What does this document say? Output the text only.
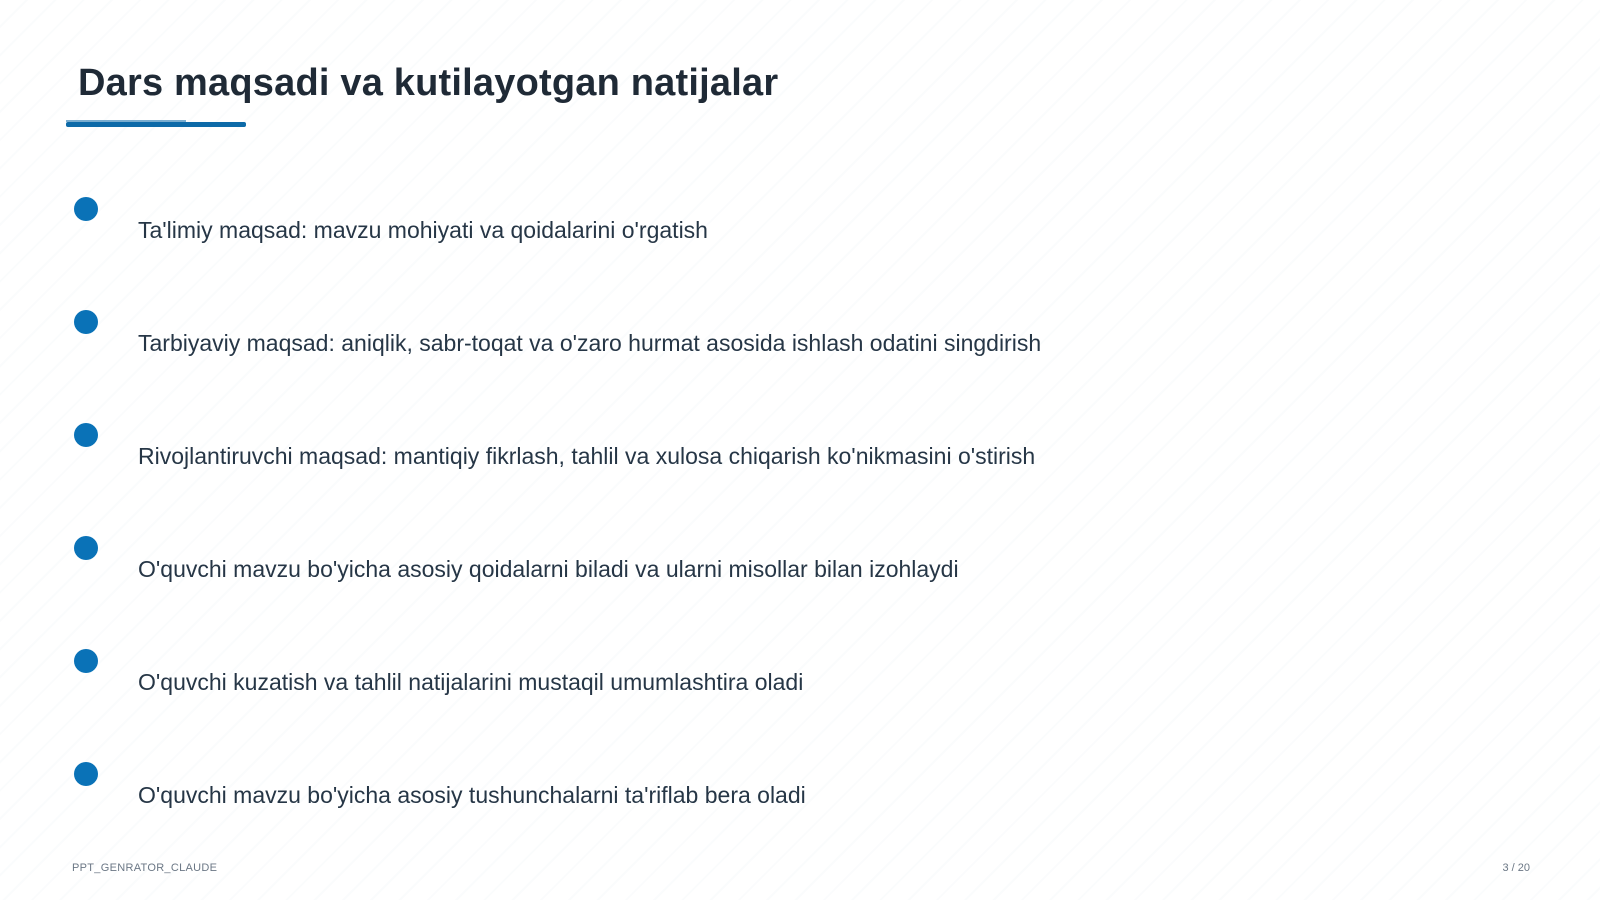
Dars maqsadi va kutilayotgan natijalar
Ta'limiy maqsad: mavzu mohiyati va qoidalarini o'rgatish
Tarbiyaviy maqsad: aniqlik, sabr-toqat va o'zaro hurmat asosida ishlash odatini singdirish
Rivojlantiruvchi maqsad: mantiqiy fikrlash, tahlil va xulosa chiqarish ko'nikmasini o'stirish
O'quvchi mavzu bo'yicha asosiy qoidalarni biladi va ularni misollar bilan izohlaydi
O'quvchi kuzatish va tahlil natijalarini mustaqil umumlashtira oladi
O'quvchi mavzu bo'yicha asosiy tushunchalarni ta'riflab bera oladi
PPT_GENRATOR_CLAUDE	3 / 20
